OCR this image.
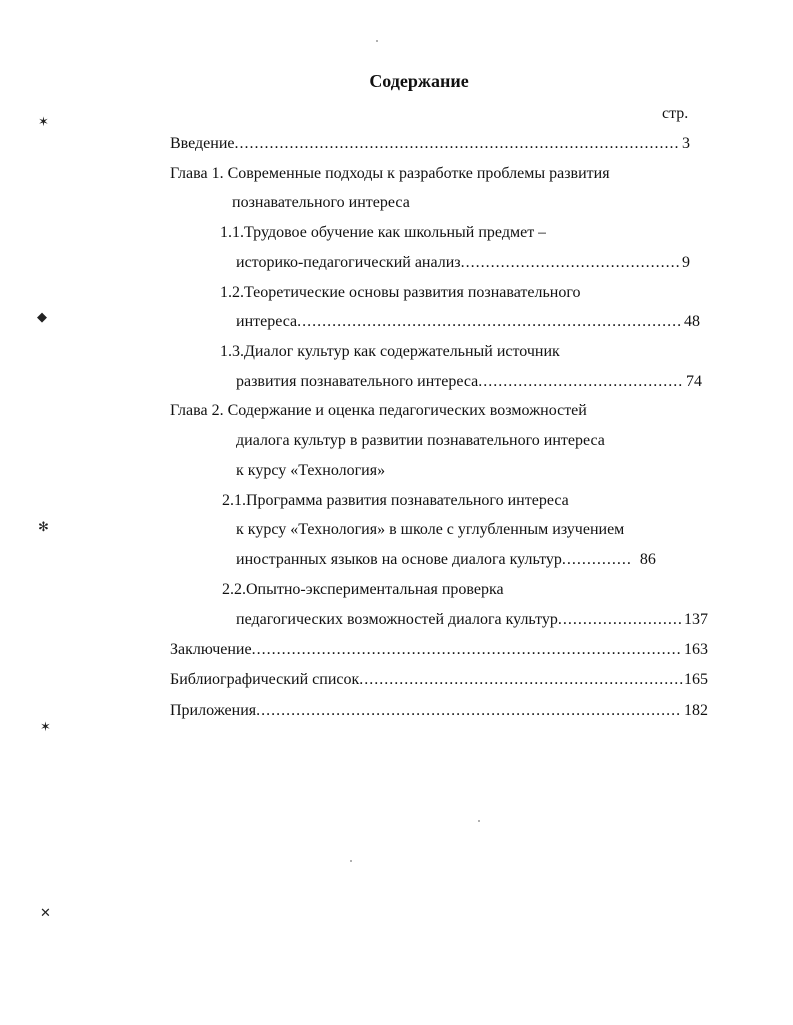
Содержание
стр.
Введение .....	3
Глава 1. Современные подходы к разработке проблемы развития
познавательного интереса
1.1.Трудовое обучение как школьный предмет –
историко-педагогический анализ .....	9
1.2.Теоретические основы развития познавательного
интереса .....	48
1.3.Диалог культур как содержательный источник
развития познавательного интереса .....	74
Глава 2. Содержание и оценка педагогических возможностей
диалога культур в развитии познавательного интереса
к курсу «Технология»
2.1.Программа развития познавательного интереса
к курсу «Технология» в школе с углубленным изучением
иностранных языков на основе диалога культур .....	86
2.2.Опытно-экспериментальная проверка
педагогических возможностей диалога культур .....	137
Заключение .....	163
Библиографический список .....	165
Приложения .....	182
✶
◆
✻
✶
✕
